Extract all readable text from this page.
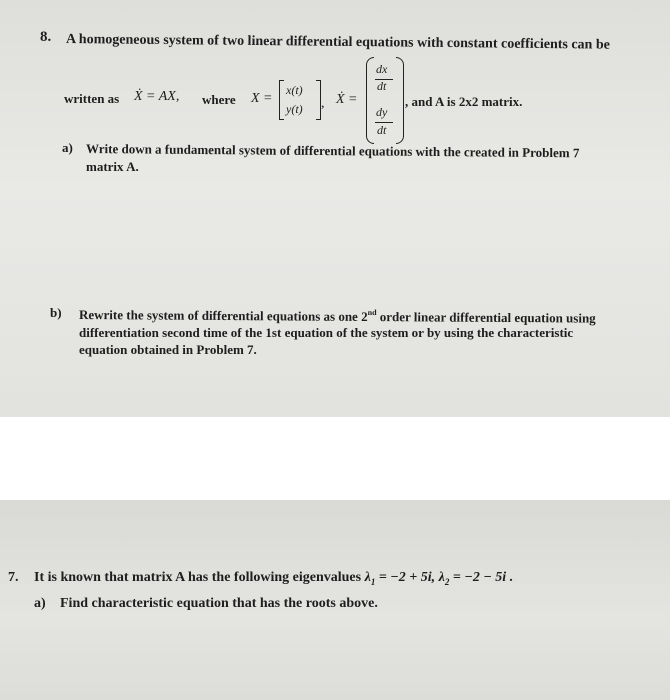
8. A homogeneous system of two linear differential equations with constant coefficients can be
written as Ẋ = AX, where X =
x(t)
y(t) , Ẋ =
dx
dt
dy
dt
, and A is 2x2 matrix.
a) Write down a fundamental system of differential equations with the created in Problem 7
matrix A.
b) Rewrite the system of differential equations as one 2nd order linear differential equation using
differentiation second time of the 1st equation of the system or by using the characteristic
equation obtained in Problem 7.
7. It is known that matrix A has the following eigenvalues $\lambda_1 = -2 + 5i$, $\lambda_2 = -2 - 5i$ .
a) Find characteristic equation that has the roots above.
